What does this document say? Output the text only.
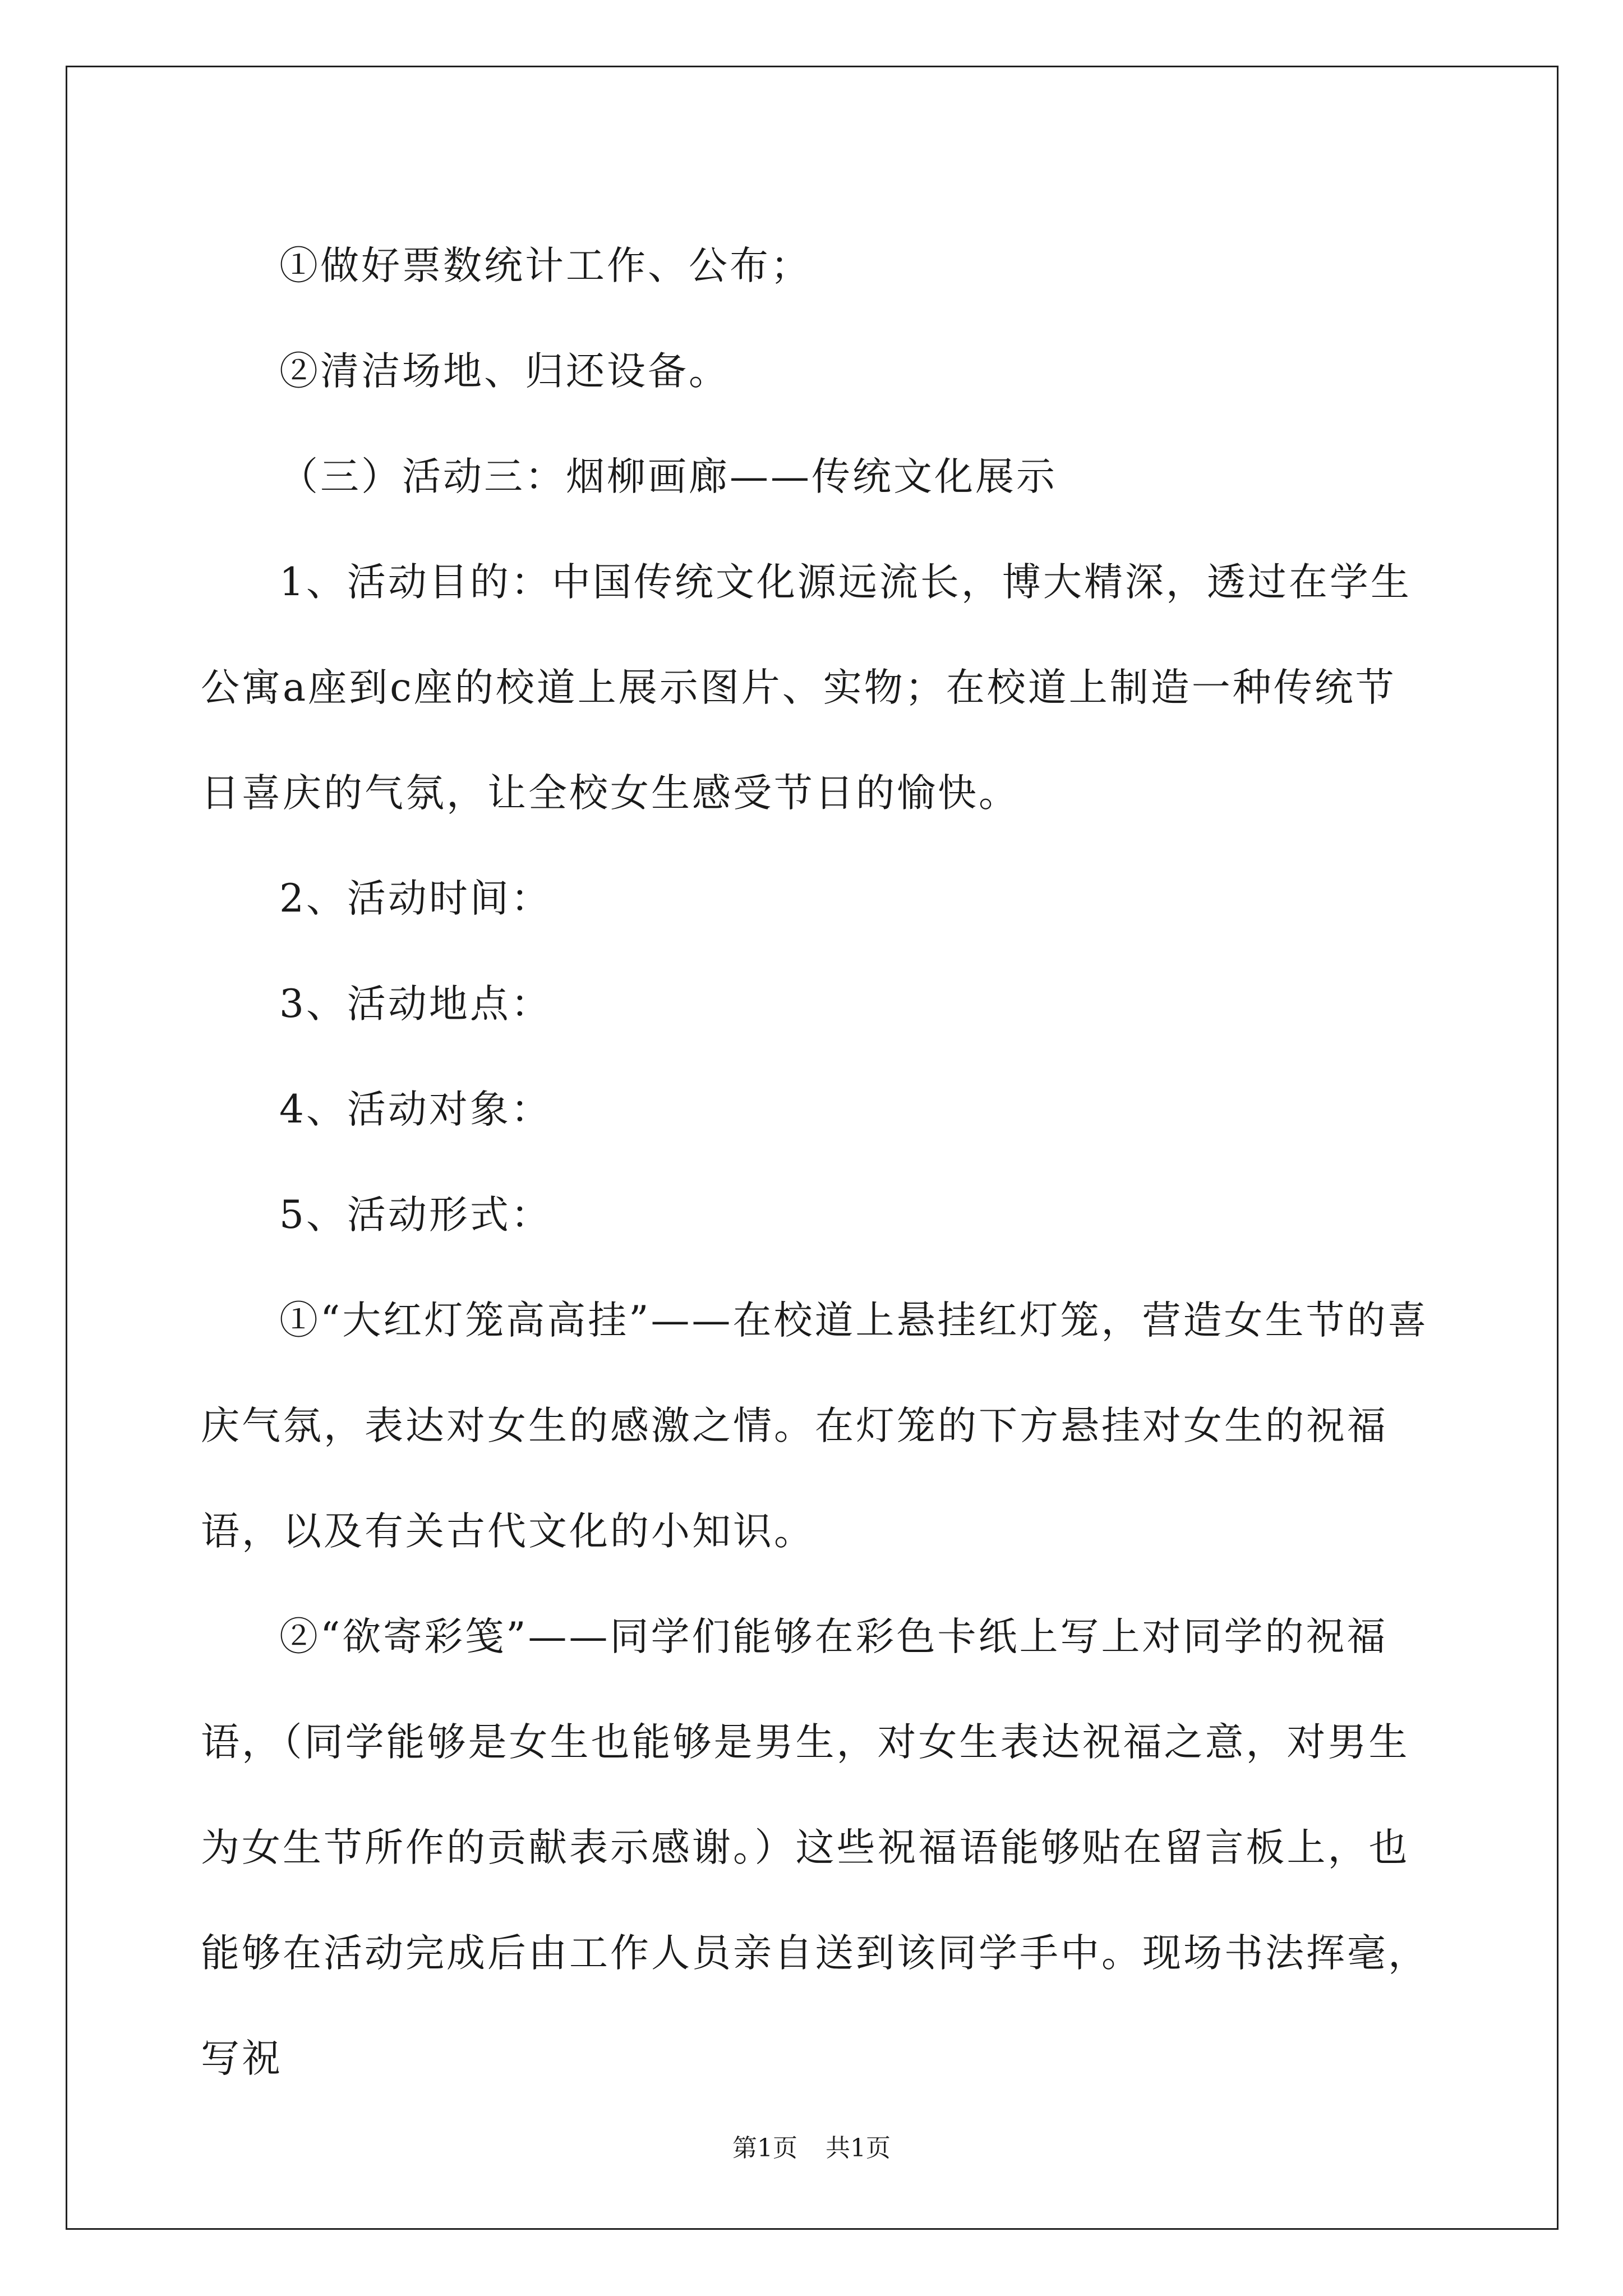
①做好票数统计工作、公布；

②清洁场地、归还设备。

（三）活动三：烟柳画廊——传统文化展示

1、活动目的：中国传统文化源远流长，博大精深，透过在学生公寓a座到c座的校道上展示图片、实物；在校道上制造一种传统节日喜庆的气氛，让全校女生感受节日的愉快。

2、活动时间：

3、活动地点：

4、活动对象：

5、活动形式：

①“大红灯笼高高挂”——在校道上悬挂红灯笼，营造女生节的喜庆气氛，表达对女生的感激之情。在灯笼的下方悬挂对女生的祝福语，以及有关古代文化的小知识。

②“欲寄彩笺”——同学们能够在彩色卡纸上写上对同学的祝福语，（同学能够是女生也能够是男生，对女生表达祝福之意，对男生为女生节所作的贡献表示感谢。）这些祝福语能够贴在留言板上，也能够在活动完成后由工作人员亲自送到该同学手中。现场书法挥毫，写祝

第1页 共1页
